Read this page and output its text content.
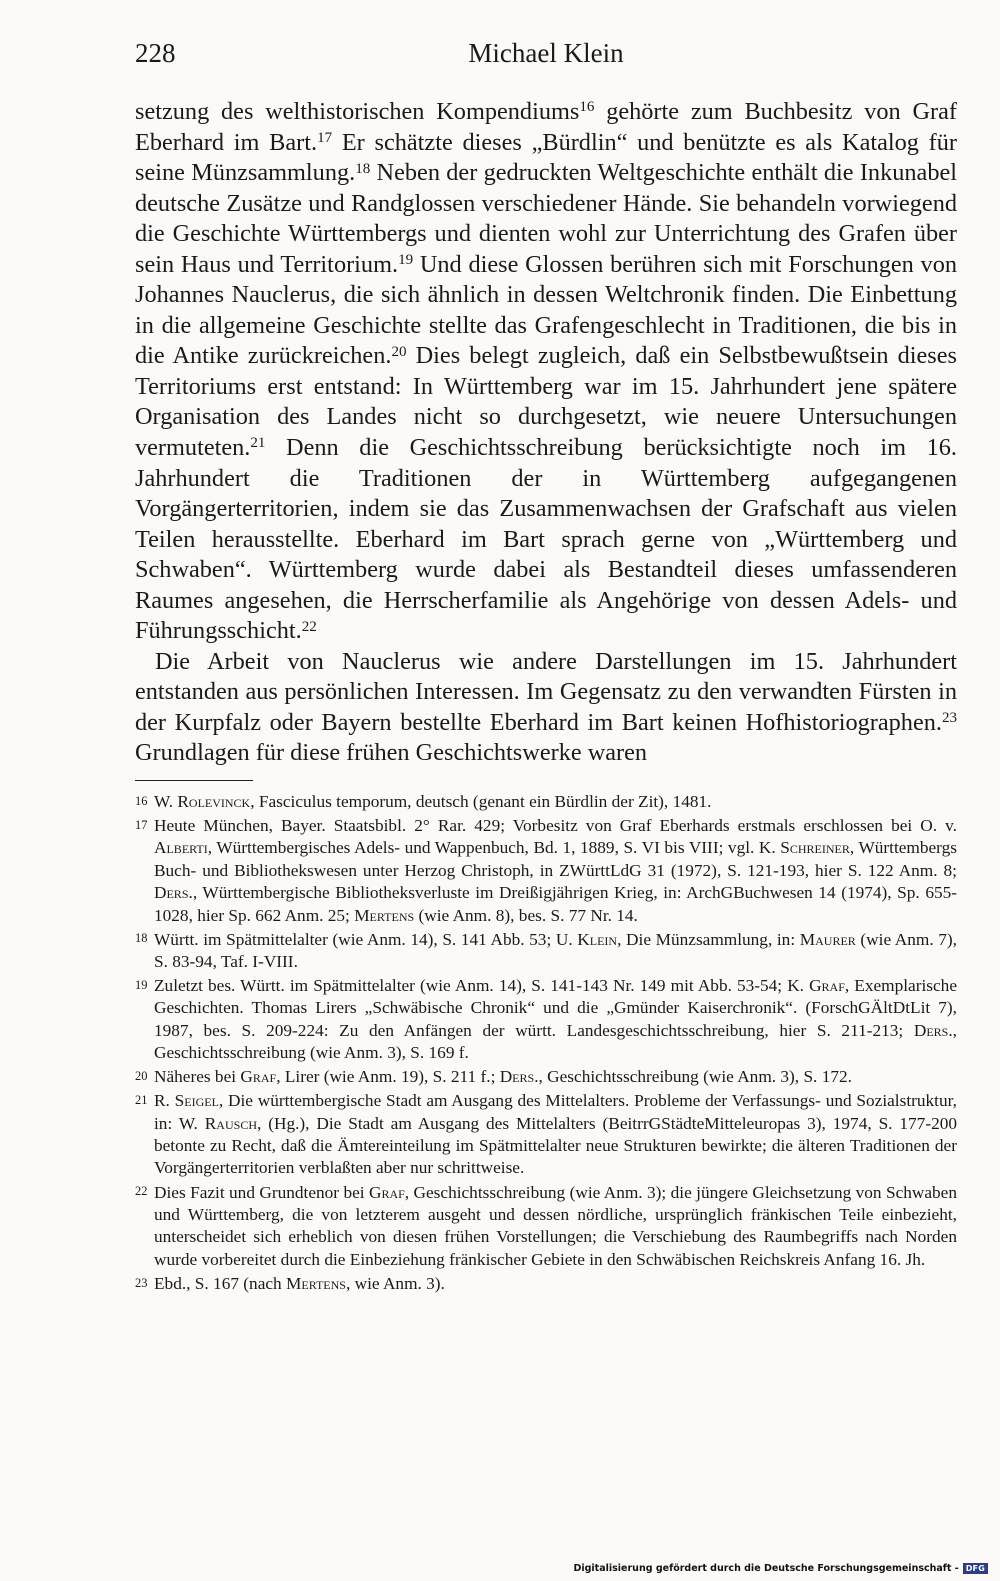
228	Michael Klein

setzung des welthistorischen Kompendiums$^{16}$ gehörte zum Buchbesitz von Graf Eberhard im Bart.$^{17}$ Er schätzte dieses „Bürdlin“ und benützte es als Katalog für seine Münzsammlung.$^{18}$ Neben der gedruckten Weltgeschichte enthält die Inkunabel deutsche Zusätze und Randglossen verschiedener Hände. Sie behandeln vorwiegend die Geschichte Württembergs und dienten wohl zur Unterrichtung des Grafen über sein Haus und Territorium.$^{19}$ Und diese Glossen berühren sich mit Forschungen von Johannes Nauclerus, die sich ähnlich in dessen Weltchronik finden. Die Einbettung in die allgemeine Geschichte stellte das Grafengeschlecht in Traditionen, die bis in die Antike zurückreichen.$^{20}$ Dies belegt zugleich, daß ein Selbstbewußtsein dieses Territoriums erst entstand: In Württemberg war im 15. Jahrhundert jene spätere Organisation des Landes nicht so durchgesetzt, wie neuere Untersuchungen vermuteten.$^{21}$ Denn die Geschichtsschreibung berücksichtigte noch im 16. Jahrhundert die Traditionen der in Württemberg aufgegangenen Vorgängerterritorien, indem sie das Zusammenwachsen der Grafschaft aus vielen Teilen herausstellte. Eberhard im Bart sprach gerne von „Württemberg und Schwaben“. Württemberg wurde dabei als Bestandteil dieses umfassenderen Raumes angesehen, die Herrscherfamilie als Angehörige von dessen Adels- und Führungsschicht.$^{22}$

Die Arbeit von Nauclerus wie andere Darstellungen im 15. Jahrhundert entstanden aus persönlichen Interessen. Im Gegensatz zu den verwandten Fürsten in der Kurpfalz oder Bayern bestellte Eberhard im Bart keinen Hofhistoriographen.$^{23}$ Grundlagen für diese frühen Geschichtswerke waren

16 W. Rolevinck, Fasciculus temporum, deutsch (genant ein Bürdlin der Zit), 1481.
17 Heute München, Bayer. Staatsbibl. 2° Rar. 429; Vorbesitz von Graf Eberhards erstmals erschlossen bei O. v. Alberti, Württembergisches Adels- und Wappenbuch, Bd. 1, 1889, S. VI bis VIII; vgl. K. Schreiner, Württembergs Buch- und Bibliothekswesen unter Herzog Christoph, in ZWürttLdG 31 (1972), S. 121-193, hier S. 122 Anm. 8; Ders., Württembergische Bibliotheksverluste im Dreißigjährigen Krieg, in: ArchGBuchwesen 14 (1974), Sp. 655-1028, hier Sp. 662 Anm. 25; Mertens (wie Anm. 8), bes. S. 77 Nr. 14.
18 Württ. im Spätmittelalter (wie Anm. 14), S. 141 Abb. 53; U. Klein, Die Münzsammlung, in: Maurer (wie Anm. 7), S. 83-94, Taf. I-VIII.
19 Zuletzt bes. Württ. im Spätmittelalter (wie Anm. 14), S. 141-143 Nr. 149 mit Abb. 53-54; K. Graf, Exemplarische Geschichten. Thomas Lirers „Schwäbische Chronik“ und die „Gmünder Kaiserchronik“. (ForschGÄltDtLit 7), 1987, bes. S. 209-224: Zu den Anfängen der württ. Landesgeschichtsschreibung, hier S. 211-213; Ders., Geschichtsschreibung (wie Anm. 3), S. 169 f.
20 Näheres bei Graf, Lirer (wie Anm. 19), S. 211 f.; Ders., Geschichtsschreibung (wie Anm. 3), S. 172.
21 R. Seigel, Die württembergische Stadt am Ausgang des Mittelalters. Probleme der Verfassungs- und Sozialstruktur, in: W. Rausch, (Hg.), Die Stadt am Ausgang des Mittelalters (BeitrrGStädteMitteleuropas 3), 1974, S. 177-200 betonte zu Recht, daß die Ämtereinteilung im Spätmittelalter neue Strukturen bewirkte; die älteren Traditionen der Vorgängerterritorien verblaßten aber nur schrittweise.
22 Dies Fazit und Grundtenor bei Graf, Geschichtsschreibung (wie Anm. 3); die jüngere Gleichsetzung von Schwaben und Württemberg, die von letzterem ausgeht und dessen nördliche, ursprünglich fränkischen Teile einbezieht, unterscheidet sich erheblich von diesen frühen Vorstellungen; die Verschiebung des Raumbegriffs nach Norden wurde vorbereitet durch die Einbeziehung fränkischer Gebiete in den Schwäbischen Reichskreis Anfang 16. Jh.
23 Ebd., S. 167 (nach Mertens, wie Anm. 3).
Digitalisierung gefördert durch die Deutsche Forschungsgemeinschaft - DFG
